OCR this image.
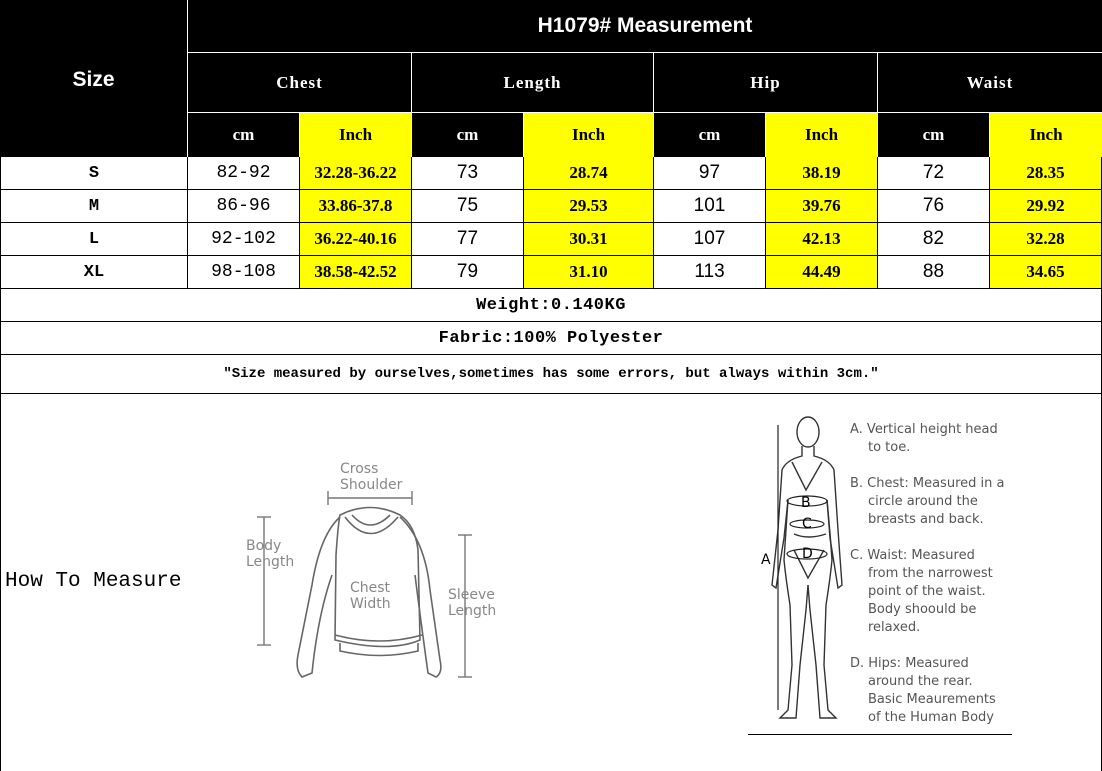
Size
H1079# Measurement
Chest	Length	Hip	Waist
cm	Inch	cm	Inch	cm	Inch	cm	Inch
S	82-92	32.28-36.22	73	28.74	97	38.19	72	28.35
M	86-96	33.86-37.8	75	29.53	101	39.76	76	29.92
L	92-102	36.22-40.16	77	30.31	107	42.13	82	32.28
XL	98-108	38.58-42.52	79	31.10	113	44.49	88	34.65
Weight:0.140KG
Fabric:100% Polyester
"Size measured by ourselves,sometimes has some errors, but always within 3cm."
How To Measure
Cross
Shoulder
Body
Length
Chest
Width
Sleeve
Length
B
C
D
A
A. Vertical height head
to toe.
B. Chest: Measured in a
circle around the
breasts and back.
C. Waist: Measured
from the narrowest
point of the waist.
Body shoould be
relaxed.
D. Hips: Measured
around the rear.
Basic Meaurements
of the Human Body
